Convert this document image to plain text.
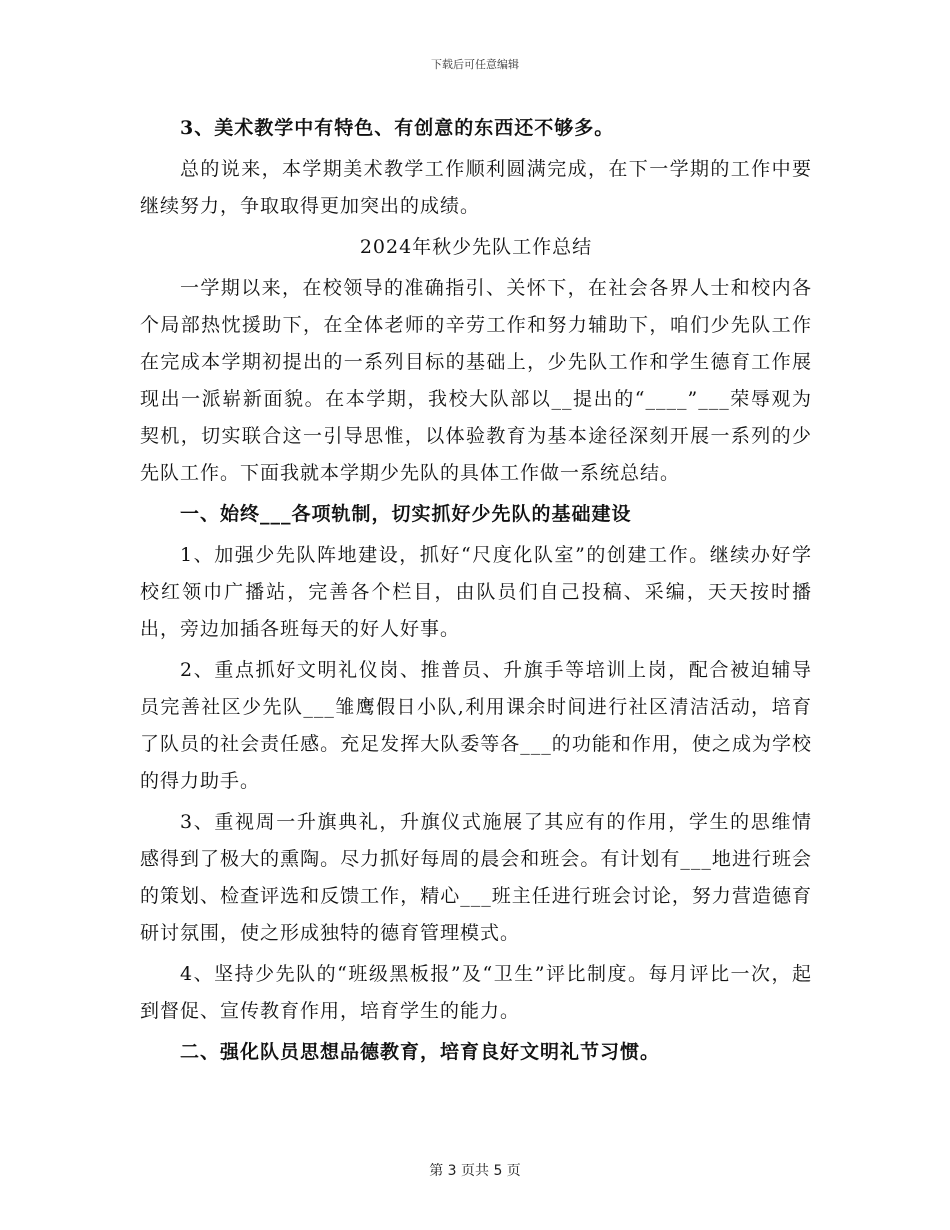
下载后可任意编辑

3、美术教学中有特色、有创意的东西还不够多。

总的说来，本学期美术教学工作顺利圆满完成，在下一学期的工作中要继续努力，争取取得更加突出的成绩。

2024年秋少先队工作总结

一学期以来，在校领导的准确指引、关怀下，在社会各界人士和校内各个局部热忱援助下，在全体老师的辛劳工作和努力辅助下，咱们少先队工作在完成本学期初提出的一系列目标的基础上，少先队工作和学生德育工作展现出一派崭新面貌。在本学期，我校大队部以__提出的“____”___荣辱观为契机，切实联合这一引导思惟，以体验教育为基本途径深刻开展一系列的少先队工作。下面我就本学期少先队的具体工作做一系统总结。

一、始终___各项轨制，切实抓好少先队的基础建设

1、加强少先队阵地建设，抓好“尺度化队室”的创建工作。继续办好学校红领巾广播站，完善各个栏目，由队员们自己投稿、采编，天天按时播出，旁边加插各班每天的好人好事。

2、重点抓好文明礼仪岗、推普员、升旗手等培训上岗，配合被迫辅导员完善社区少先队___雏鹰假日小队,利用课余时间进行社区清洁活动，培育了队员的社会责任感。充足发挥大队委等各___的功能和作用，使之成为学校的得力助手。

3、重视周一升旗典礼，升旗仪式施展了其应有的作用，学生的思维情感得到了极大的熏陶。尽力抓好每周的晨会和班会。有计划有___地进行班会的策划、检查评选和反馈工作，精心___班主任进行班会讨论，努力营造德育研讨氛围，使之形成独特的德育管理模式。

4、坚持少先队的“班级黑板报”及“卫生”评比制度。每月评比一次，起到督促、宣传教育作用，培育学生的能力。

二、强化队员思想品德教育，培育良好文明礼节习惯。

第 3 页共 5 页
